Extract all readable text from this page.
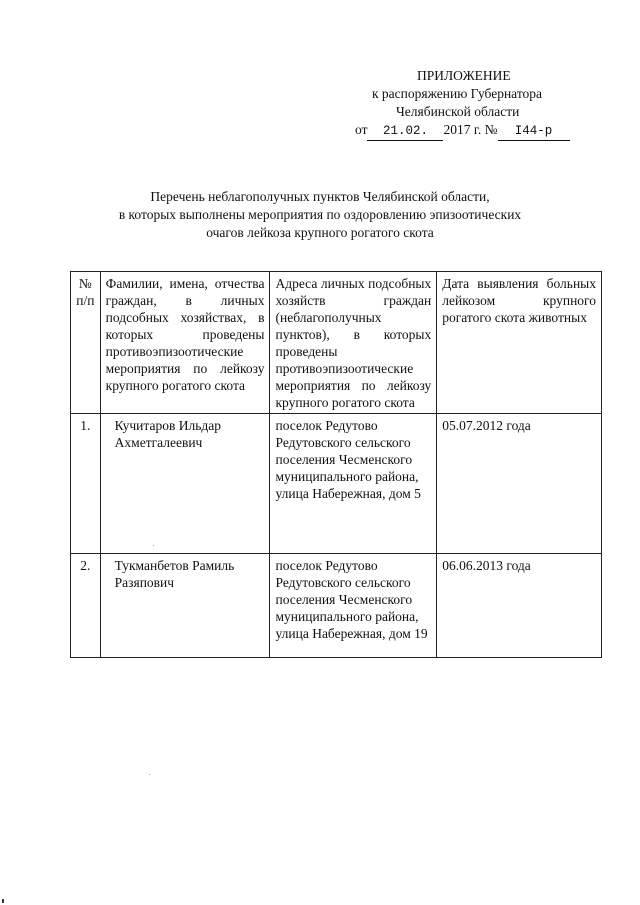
ПРИЛОЖЕНИЕ
к распоряжению Губернатора
Челябинской области
от 21.02. 2017 г. № I44-р
Перечень неблагополучных пунктов Челябинской области,
в которых выполнены мероприятия по оздоровлению эпизоотических
очагов лейкоза крупного рогатого скота
№ п/п	Фамилии, имена, отчества граждан, в личных подсобных хозяйствах, в которых проведены противоэпизоотические мероприятия по лейкозу крупного рогатого скота	Адреса личных подсобных хозяйств граждан (неблагополучных пунктов), в которых проведены противоэпизоотические мероприятия по лейкозу крупного рогатого скота	Дата выявления больных лейкозом крупного рогатого скота животных
1.	Кучитаров Ильдар Ахметгалеевич	поселок Редутово Редутовского сельского поселения Чесменского муниципального района, улица Набережная, дом 5	05.07.2012 года
2.	Тукманбетов Рамиль Разяпович	поселок Редутово Редутовского сельского поселения Чесменского муниципального района, улица Набережная, дом 19	06.06.2013 года
